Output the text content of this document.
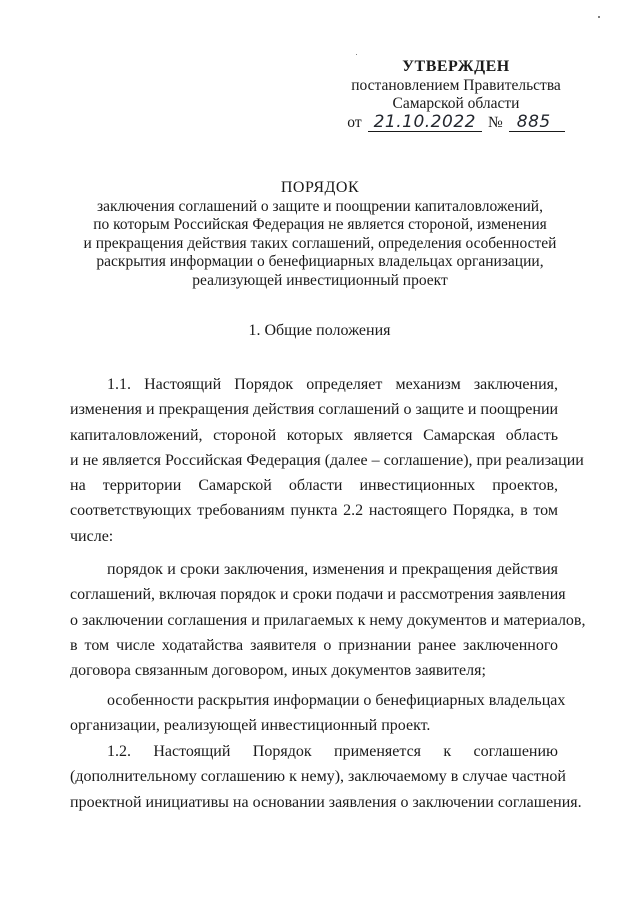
УТВЕРЖДЕН
постановлением Правительства
Самарской области
от 21.10.2022 № 885
ПОРЯДОК
заключения соглашений о защите и поощрении капиталовложений,
по которым Российская Федерация не является стороной, изменения
и прекращения действия таких соглашений, определения особенностей
раскрытия информации о бенефициарных владельцах организации,
реализующей инвестиционный проект
1. Общие положения
1.1. Настоящий Порядок определяет механизм заключения,
изменения и прекращения действия соглашений о защите и поощрении
капиталовложений, стороной которых является Самарская область
и не является Российская Федерация (далее – соглашение), при реализации
на территории Самарской области инвестиционных проектов,
соответствующих требованиям пункта 2.2 настоящего Порядка, в том
числе:
порядок и сроки заключения, изменения и прекращения действия
соглашений, включая порядок и сроки подачи и рассмотрения заявления
о заключении соглашения и прилагаемых к нему документов и материалов,
в том числе ходатайства заявителя о признании ранее заключенного
договора связанным договором, иных документов заявителя;
особенности раскрытия информации о бенефициарных владельцах
организации, реализующей инвестиционный проект.
1.2. Настоящий Порядок применяется к соглашению
(дополнительному соглашению к нему), заключаемому в случае частной
проектной инициативы на основании заявления о заключении соглашения.
